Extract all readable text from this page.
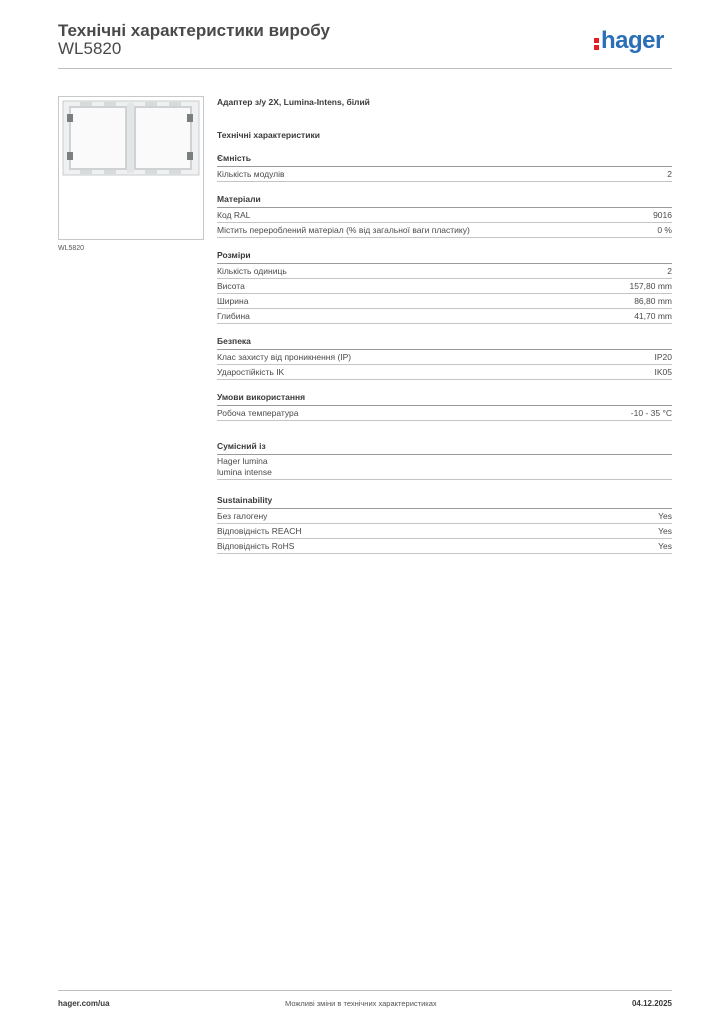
Технічні характеристики виробу
WL5820	hager
WL5820
Адаптер з/у 2X, Lumina-Intens, білий
Технічні характеристики
Ємність
Кількість модулів	2
Матеріали
Код RAL	9016
Містить перероблений матеріал (% від загальної ваги пластику)	0 %
Розміри
Кількість одиниць	2
Висота	157,80 mm
Ширина	86,80 mm
Глибина	41,70 mm
Безпека
Клас захисту від проникнення (IP)	IP20
Ударостійкість IK	IK05
Умови використання
Робоча температура	-10 - 35 °C
Сумісний із
Hager lumina
lumina intense
Sustainability
Без галогену	Yes
Відповідність REACH	Yes
Відповідність RoHS	Yes
hager.com/ua	Можливі зміни в технічних характеристиках	04.12.2025
